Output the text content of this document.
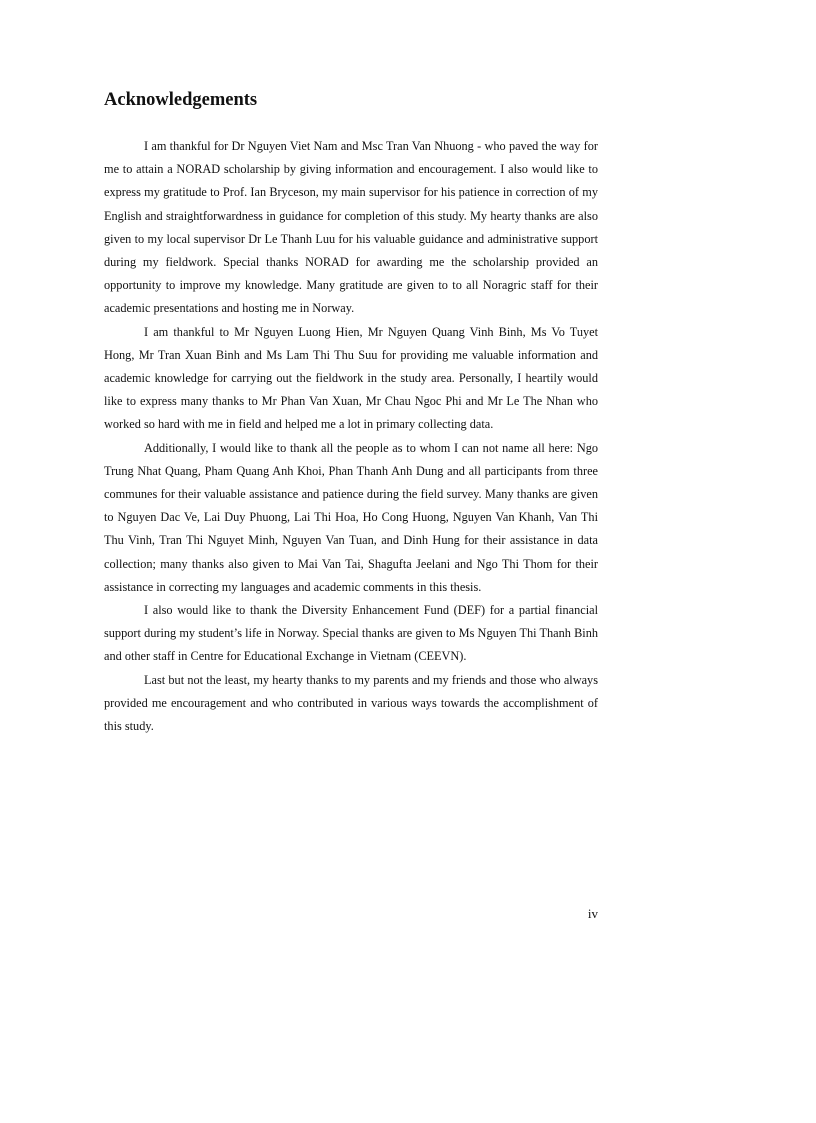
Acknowledgements

I am thankful for Dr Nguyen Viet Nam and Msc Tran Van Nhuong - who paved the way for me to attain a NORAD scholarship by giving information and encouragement. I also would like to express my gratitude to Prof. Ian Bryceson, my main supervisor for his patience in correction of my English and straightforwardness in guidance for completion of this study. My hearty thanks are also given to my local supervisor Dr Le Thanh Luu for his valuable guidance and administrative support during my fieldwork. Special thanks NORAD for awarding me the scholarship provided an opportunity to improve my knowledge. Many gratitude are given to to all Noragric staff for their academic presentations and hosting me in Norway.

I am thankful to Mr Nguyen Luong Hien, Mr Nguyen Quang Vinh Binh, Ms Vo Tuyet Hong, Mr Tran Xuan Binh and Ms Lam Thi Thu Suu for providing me valuable information and academic knowledge for carrying out the fieldwork in the study area. Personally, I heartily would like to express many thanks to Mr Phan Van Xuan, Mr Chau Ngoc Phi and Mr Le The Nhan who worked so hard with me in field and helped me a lot in primary collecting data.

Additionally, I would like to thank all the people as to whom I can not name all here: Ngo Trung Nhat Quang, Pham Quang Anh Khoi, Phan Thanh Anh Dung and all participants from three communes for their valuable assistance and patience during the field survey. Many thanks are given to Nguyen Dac Ve, Lai Duy Phuong, Lai Thi Hoa, Ho Cong Huong, Nguyen Van Khanh, Van Thi Thu Vinh, Tran Thi Nguyet Minh, Nguyen Van Tuan, and Dinh Hung for their assistance in data collection; many thanks also given to Mai Van Tai, Shagufta Jeelani and Ngo Thi Thom for their assistance in correcting my languages and academic comments in this thesis.

I also would like to thank the Diversity Enhancement Fund (DEF) for a partial financial support during my student’s life in Norway. Special thanks are given to Ms Nguyen Thi Thanh Binh and other staff in Centre for Educational Exchange in Vietnam (CEEVN).

Last but not the least, my hearty thanks to my parents and my friends and those who always provided me encouragement and who contributed in various ways towards the accomplishment of this study.

iv
